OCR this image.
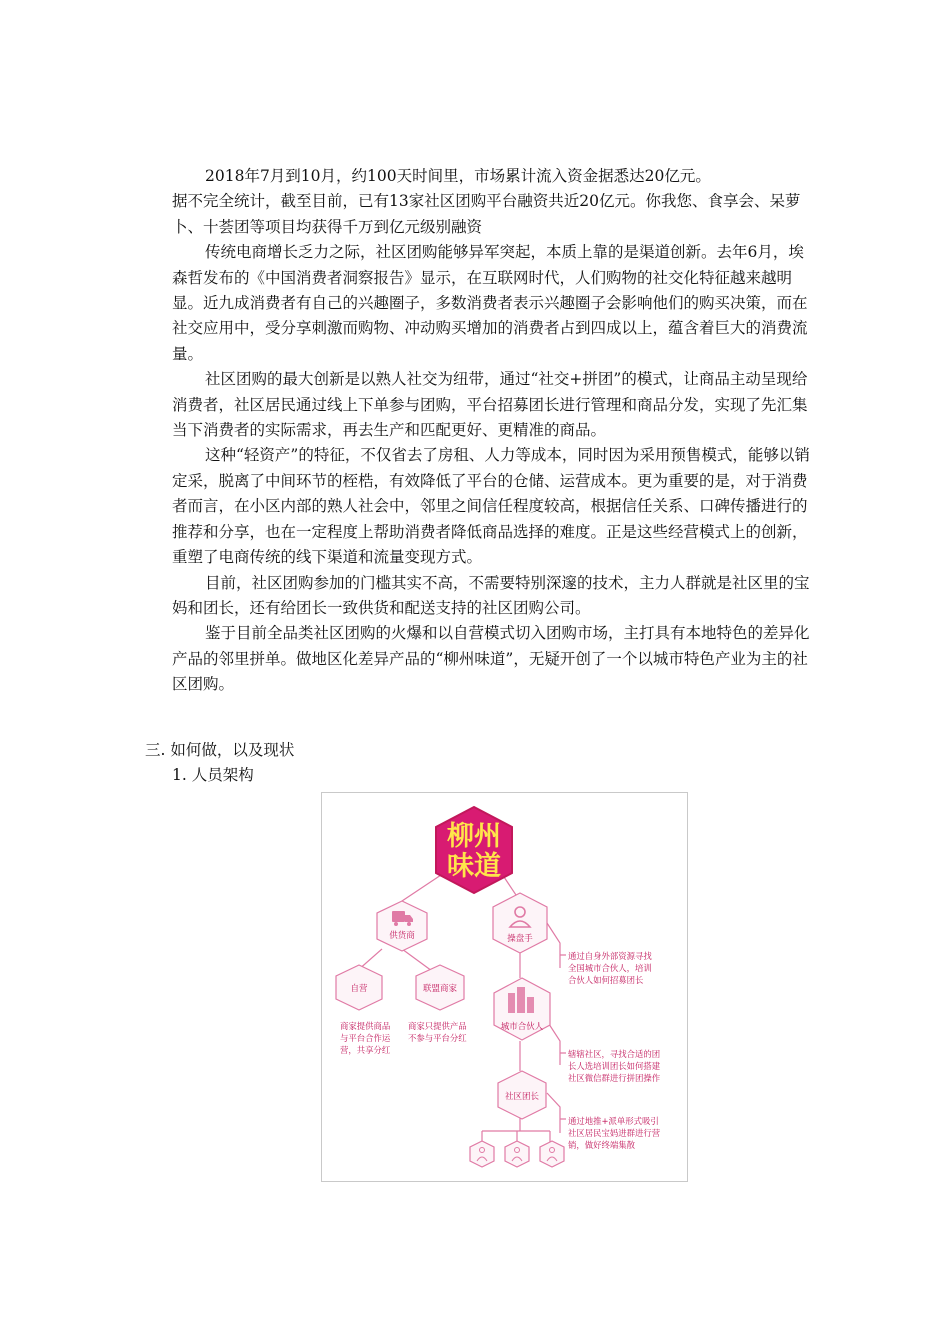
2018年7月到10月，约100天时间里，市场累计流入资金据悉达20亿元。

据不完全统计，截至目前，已有13家社区团购平台融资共近20亿元。你我您、食享会、呆萝卜、十荟团等项目均获得千万到亿元级别融资

传统电商增长乏力之际，社区团购能够异军突起，本质上靠的是渠道创新。去年6月，埃森哲发布的《中国消费者洞察报告》显示，在互联网时代，人们购物的社交化特征越来越明显。近九成消费者有自己的兴趣圈子，多数消费者表示兴趣圈子会影响他们的购买决策，而在社交应用中，受分享刺激而购物、冲动购买增加的消费者占到四成以上，蕴含着巨大的消费流量。

社区团购的最大创新是以熟人社交为纽带，通过“社交+拼团”的模式，让商品主动呈现给消费者，社区居民通过线上下单参与团购，平台招募团长进行管理和商品分发，实现了先汇集当下消费者的实际需求，再去生产和匹配更好、更精准的商品。

这种“轻资产”的特征，不仅省去了房租、人力等成本，同时因为采用预售模式，能够以销定采，脱离了中间环节的桎梏，有效降低了平台的仓储、运营成本。更为重要的是，对于消费者而言，在小区内部的熟人社会中，邻里之间信任程度较高，根据信任关系、口碑传播进行的推荐和分享，也在一定程度上帮助消费者降低商品选择的难度。正是这些经营模式上的创新，重塑了电商传统的线下渠道和流量变现方式。

目前，社区团购参加的门槛其实不高，不需要特别深邃的技术，主力人群就是社区里的宝妈和团长，还有给团长一致供货和配送支持的社区团购公司。

鉴于目前全品类社区团购的火爆和以自营模式切入团购市场，主打具有本地特色的差异化产品的邻里拼单。做地区化差异产品的“柳州味道”，无疑开创了一个以城市特色产业为主的社区团购。

三. 如何做，以及现状
1. 人员架构
柳州
味道
供货商	操盘手
自营	联盟商家
城市合伙人
社区团长
商家提供商品
与平台合作运
营，共享分红
商家只提供产品
不参与平台分红
通过自身外部资源寻找
全国城市合伙人，培训
合伙人如何招募团长
辖辖社区，寻找合适的团
长人选培训团长如何搭建
社区微信群进行拼团操作
通过地推+派单形式吸引
社区居民宝妈进群进行营
销，做好终端集散
